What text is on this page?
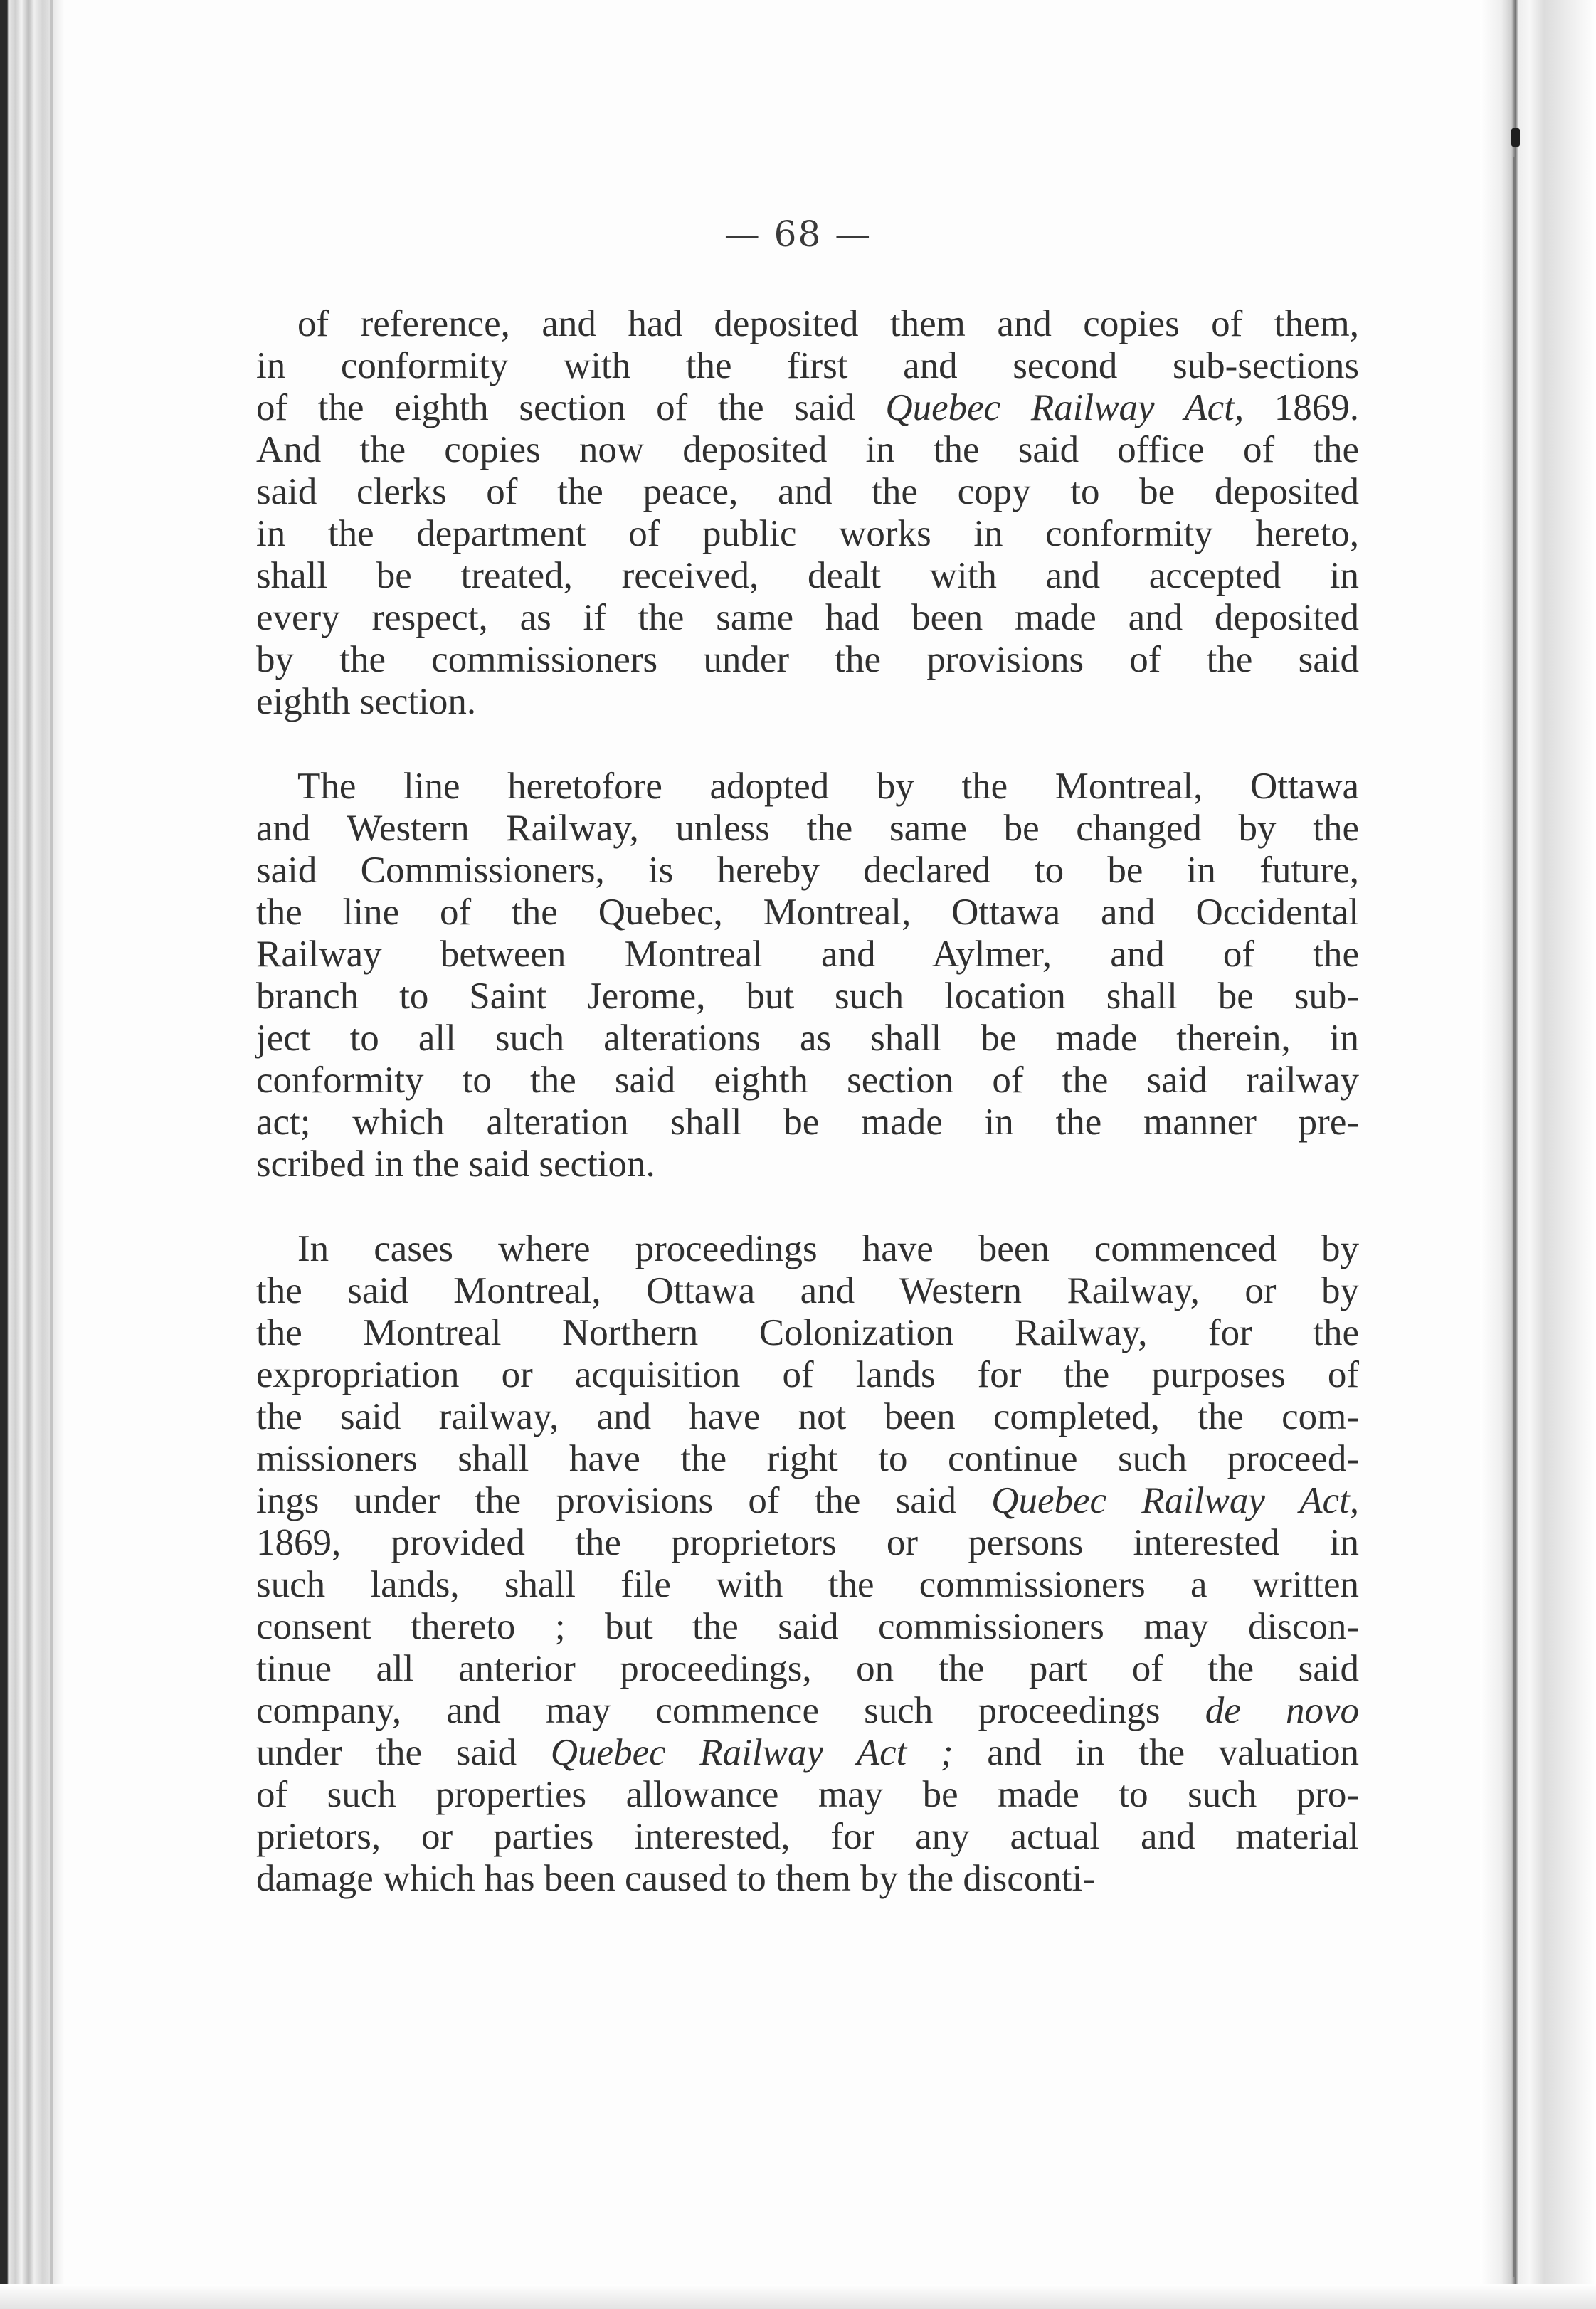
— 68 —
of reference, and had deposited them and copies of them,
in conformity with the first and second sub-sections
of the eighth section of the said Quebec Railway Act, 1869.
And the copies now deposited in the said office of the
said clerks of the peace, and the copy to be deposited
in the department of public works in conformity hereto,
shall be treated, received, dealt with and accepted in
every respect, as if the same had been made and deposited
by the commissioners under the provisions of the said
eighth section.
The line heretofore adopted by the Montreal, Ottawa
and Western Railway, unless the same be changed by the
said Commissioners, is hereby declared to be in future,
the line of the Quebec, Montreal, Ottawa and Occidental
Railway between Montreal and Aylmer, and of the
branch to Saint Jerome, but such location shall be sub-
ject to all such alterations as shall be made therein, in
conformity to the said eighth section of the said railway
act; which alteration shall be made in the manner pre-
scribed in the said section.
In cases where proceedings have been commenced by
the said Montreal, Ottawa and Western Railway, or by
the Montreal Northern Colonization Railway, for the
expropriation or acquisition of lands for the purposes of
the said railway, and have not been completed, the com-
missioners shall have the right to continue such proceed-
ings under the provisions of the said Quebec Railway Act,
1869, provided the proprietors or persons interested in
such lands, shall file with the commissioners a written
consent thereto ; but the said commissioners may discon-
tinue all anterior proceedings, on the part of the said
company, and may commence such proceedings de novo
under the said Quebec Railway Act ; and in the valuation
of such properties allowance may be made to such pro-
prietors, or parties interested, for any actual and material
damage which has been caused to them by the disconti-
